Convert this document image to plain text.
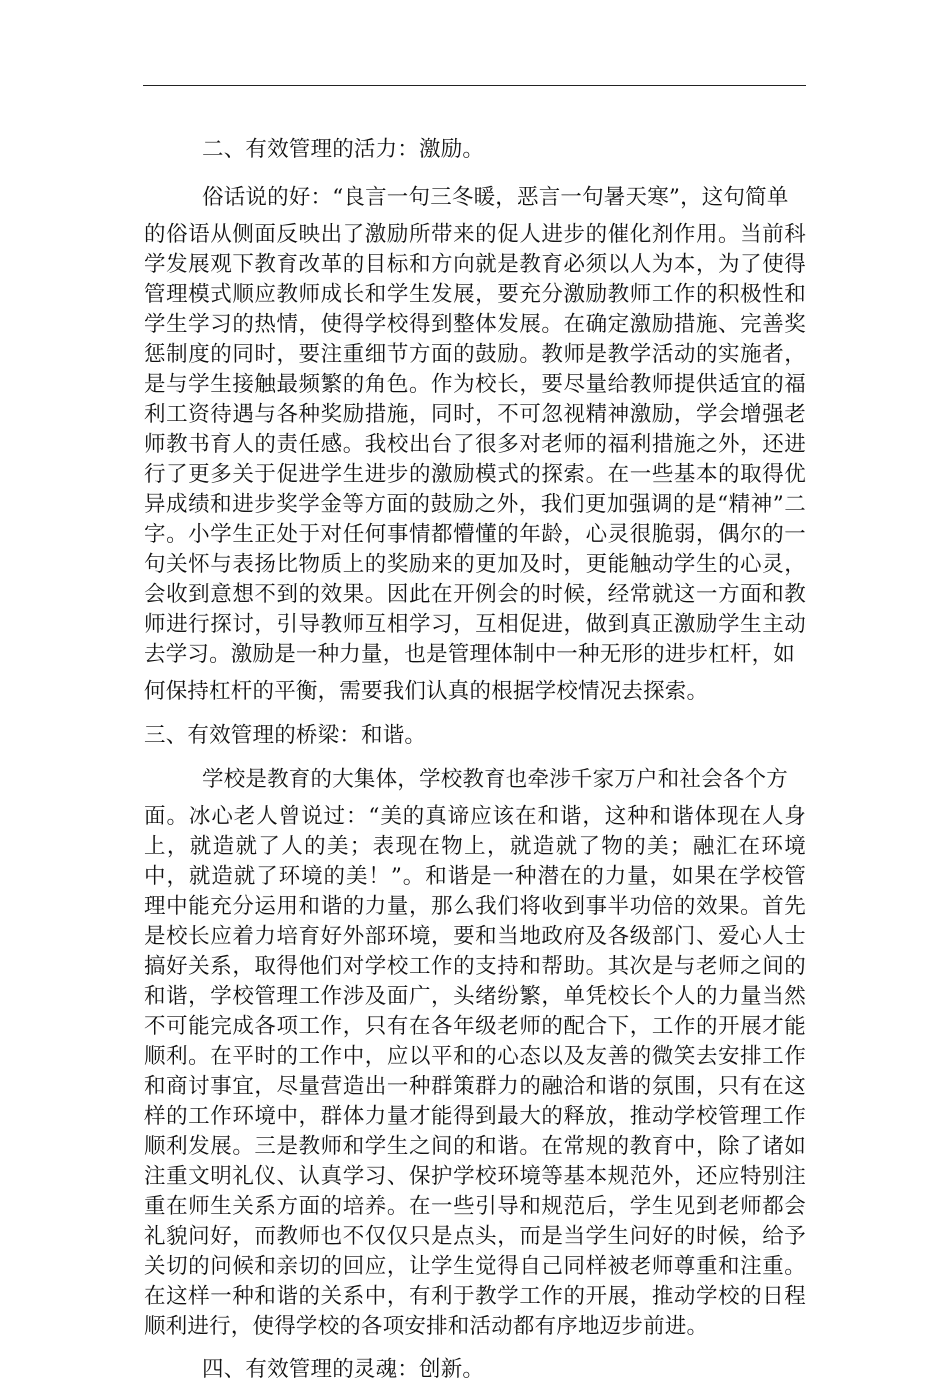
二、有效管理的活力：激励。

俗话说的好：“良言一句三冬暖，恶言一句暑天寒”，这句简单
的俗语从侧面反映出了激励所带来的促人进步的催化剂作用。当前科学发展观下教育改革的目标和方向就是教育必须以人为本，为了使得管理模式顺应教师成长和学生发展，要充分激励教师工作的积极性和学生学习的热情，使得学校得到整体发展。在确定激励措施、完善奖惩制度的同时，要注重细节方面的鼓励。教师是教学活动的实施者，是与学生接触最频繁的角色。作为校长，要尽量给教师提供适宜的福利工资待遇与各种奖励措施，同时，不可忽视精神激励，学会增强老师教书育人的责任感。我校出台了很多对老师的福利措施之外，还进行了更多关于促进学生进步的激励模式的探索。在一些基本的取得优异成绩和进步奖学金等方面的鼓励之外，我们更加强调的是“精神”二字。小学生正处于对任何事情都懵懂的年龄，心灵很脆弱，偶尔的一句关怀与表扬比物质上的奖励来的更加及时，更能触动学生的心灵，会收到意想不到的效果。因此在开例会的时候，经常就这一方面和教师进行探讨，引导教师互相学习，互相促进，做到真正激励学生主动去学习。激励是一种力量，也是管理体制中一种无形的进步杠杆，如
何保持杠杆的平衡，需要我们认真的根据学校情况去探索。

三、有效管理的桥梁：和谐。

学校是教育的大集体，学校教育也牵涉千家万户和社会各个方
面。冰心老人曾说过：“美的真谛应该在和谐，这种和谐体现在人身上，就造就了人的美；表现在物上，就造就了物的美；融汇在环境中，就造就了环境的美！”。和谐是一种潜在的力量，如果在学校管理中能充分运用和谐的力量，那么我们将收到事半功倍的效果。首先是校长应着力培育好外部环境，要和当地政府及各级部门、爱心人士搞好关系，取得他们对学校工作的支持和帮助。其次是与老师之间的和谐，学校管理工作涉及面广，头绪纷繁，单凭校长个人的力量当然不可能完成各项工作，只有在各年级老师的配合下，工作的开展才能顺利。在平时的工作中，应以平和的心态以及友善的微笑去安排工作和商讨事宜，尽量营造出一种群策群力的融洽和谐的氛围，只有在这样的工作环境中，群体力量才能得到最大的释放，推动学校管理工作顺利发展。三是教师和学生之间的和谐。在常规的教育中，除了诸如注重文明礼仪、认真学习、保护学校环境等基本规范外，还应特别注重在师生关系方面的培养。在一些引导和规范后，学生见到老师都会礼貌问好，而教师也不仅仅只是点头，而是当学生问好的时候，给予关切的问候和亲切的回应，让学生觉得自己同样被老师尊重和注重。在这样一种和谐的关系中，有利于教学工作的开展，推动学校的日程顺利进行，使得学校的各项安排和活动都有序地迈步前进。

四、有效管理的灵魂：创新。
